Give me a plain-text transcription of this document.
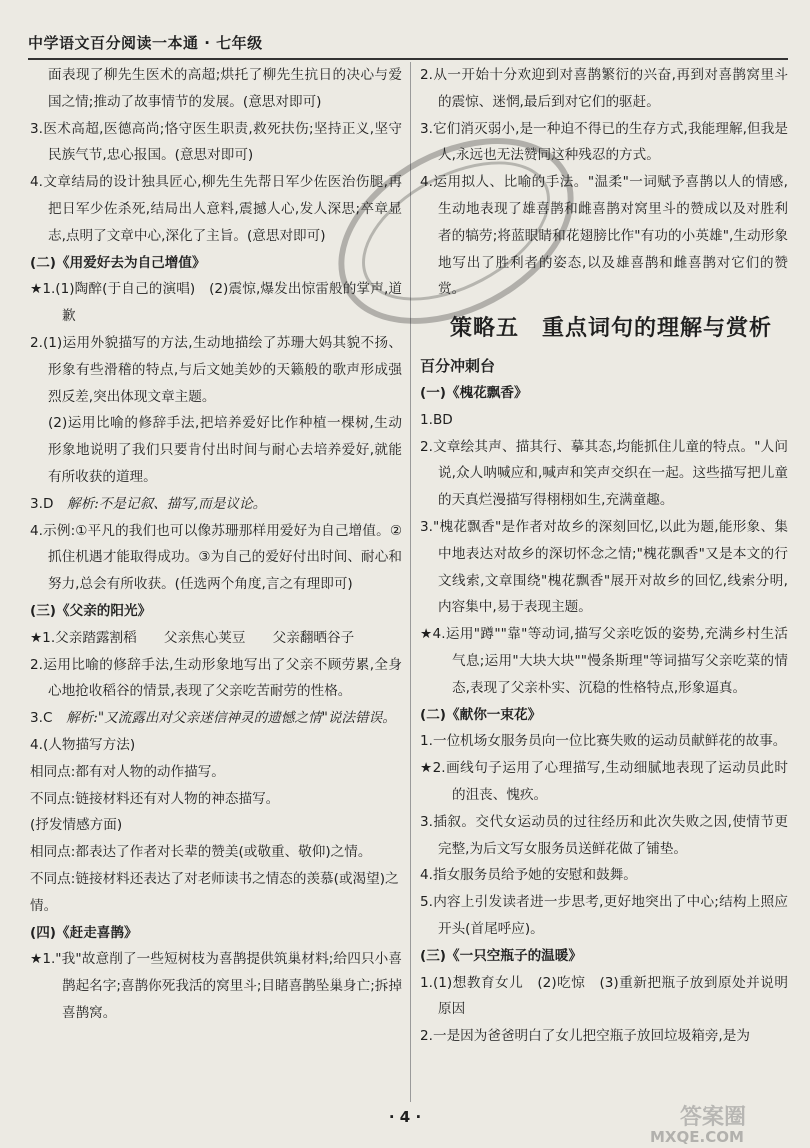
中学语文百分阅读一本通 · 七年级

面表现了柳先生医术的高超;烘托了柳先生抗日的决心与爱国之情;推动了故事情节的发展。(意思对即可)

3.医术高超,医德高尚;恪守医生职责,救死扶伤;坚持正义,坚守民族气节,忠心报国。(意思对即可)

4.文章结局的设计独具匠心,柳先生先帮日军少佐医治伤腿,再把日军少佐杀死,结局出人意料,震撼人心,发人深思;卒章显志,点明了文章中心,深化了主旨。(意思对即可)

(二)《用爱好去为自己增值》

★1.(1)陶醉(于自己的演唱)　(2)震惊,爆发出惊雷般的掌声,道歉

2.(1)运用外貌描写的方法,生动地描绘了苏珊大妈其貌不扬、形象有些滑稽的特点,与后文她美妙的天籁般的歌声形成强烈反差,突出体现文章主题。

(2)运用比喻的修辞手法,把培养爱好比作种植一棵树,生动形象地说明了我们只要肯付出时间与耐心去培养爱好,就能有所收获的道理。

3.D　解析:不是记叙、描写,而是议论。

4.示例:①平凡的我们也可以像苏珊那样用爱好为自己增值。②抓住机遇才能取得成功。③为自己的爱好付出时间、耐心和努力,总会有所收获。(任选两个角度,言之有理即可)

(三)《父亲的阳光》

★1.父亲踏露割稻　　父亲焦心荚豆　　父亲翻晒谷子

2.运用比喻的修辞手法,生动形象地写出了父亲不顾劳累,全身心地抢收稻谷的情景,表现了父亲吃苦耐劳的性格。

3.C　解析:"又流露出对父亲迷信神灵的遗憾之情"说法错误。

4.(人物描写方法)

相同点:都有对人物的动作描写。

不同点:链接材料还有对人物的神态描写。

(抒发情感方面)

相同点:都表达了作者对长辈的赞美(或敬重、敬仰)之情。

不同点:链接材料还表达了对老师读书之情态的羡慕(或渴望)之情。

(四)《赶走喜鹊》

★1."我"故意削了一些短树枝为喜鹊提供筑巢材料;给四只小喜鹊起名字;喜鹊你死我活的窝里斗;目睹喜鹊坠巢身亡;拆掉喜鹊窝。

2.从一开始十分欢迎到对喜鹊繁衍的兴奋,再到对喜鹊窝里斗的震惊、迷惘,最后到对它们的驱赶。

3.它们消灭弱小,是一种迫不得已的生存方式,我能理解,但我是人,永远也无法赞同这种残忍的方式。

4.运用拟人、比喻的手法。"温柔"一词赋予喜鹊以人的情感,生动地表现了雄喜鹊和雌喜鹊对窝里斗的赞成以及对胜利者的犒劳;将蓝眼睛和花翅膀比作"有功的小英雄",生动形象地写出了胜利者的姿态,以及雄喜鹊和雌喜鹊对它们的赞赏。

策略五　重点词句的理解与赏析

百分冲刺台

(一)《槐花飘香》

1.BD

2.文章绘其声、描其行、摹其态,均能抓住儿童的特点。"人问说,众人呐喊应和,喊声和笑声交织在一起。这些描写把儿童的天真烂漫描写得栩栩如生,充满童趣。

3."槐花飘香"是作者对故乡的深刻回忆,以此为题,能形象、集中地表达对故乡的深切怀念之情;"槐花飘香"又是本文的行文线索,文章围绕"槐花飘香"展开对故乡的回忆,线索分明,内容集中,易于表现主题。

★4.运用"蹲""靠"等动词,描写父亲吃饭的姿势,充满乡村生活气息;运用"大块大块""慢条斯理"等词描写父亲吃菜的情态,表现了父亲朴实、沉稳的性格特点,形象逼真。

(二)《献你一束花》

1.一位机场女服务员向一位比赛失败的运动员献鲜花的故事。

★2.画线句子运用了心理描写,生动细腻地表现了运动员此时的沮丧、愧疚。

3.插叙。交代女运动员的过往经历和此次失败之因,使情节更完整,为后文写女服务员送鲜花做了铺垫。

4.指女服务员给予她的安慰和鼓舞。

5.内容上引发读者进一步思考,更好地突出了中心;结构上照应开头(首尾呼应)。

(三)《一只空瓶子的温暖》

1.(1)想教育女儿　(2)吃惊　(3)重新把瓶子放到原处并说明原因

2.一是因为爸爸明白了女儿把空瓶子放回垃圾箱旁,是为

· 4 ·	答案圈
MXQE.COM
